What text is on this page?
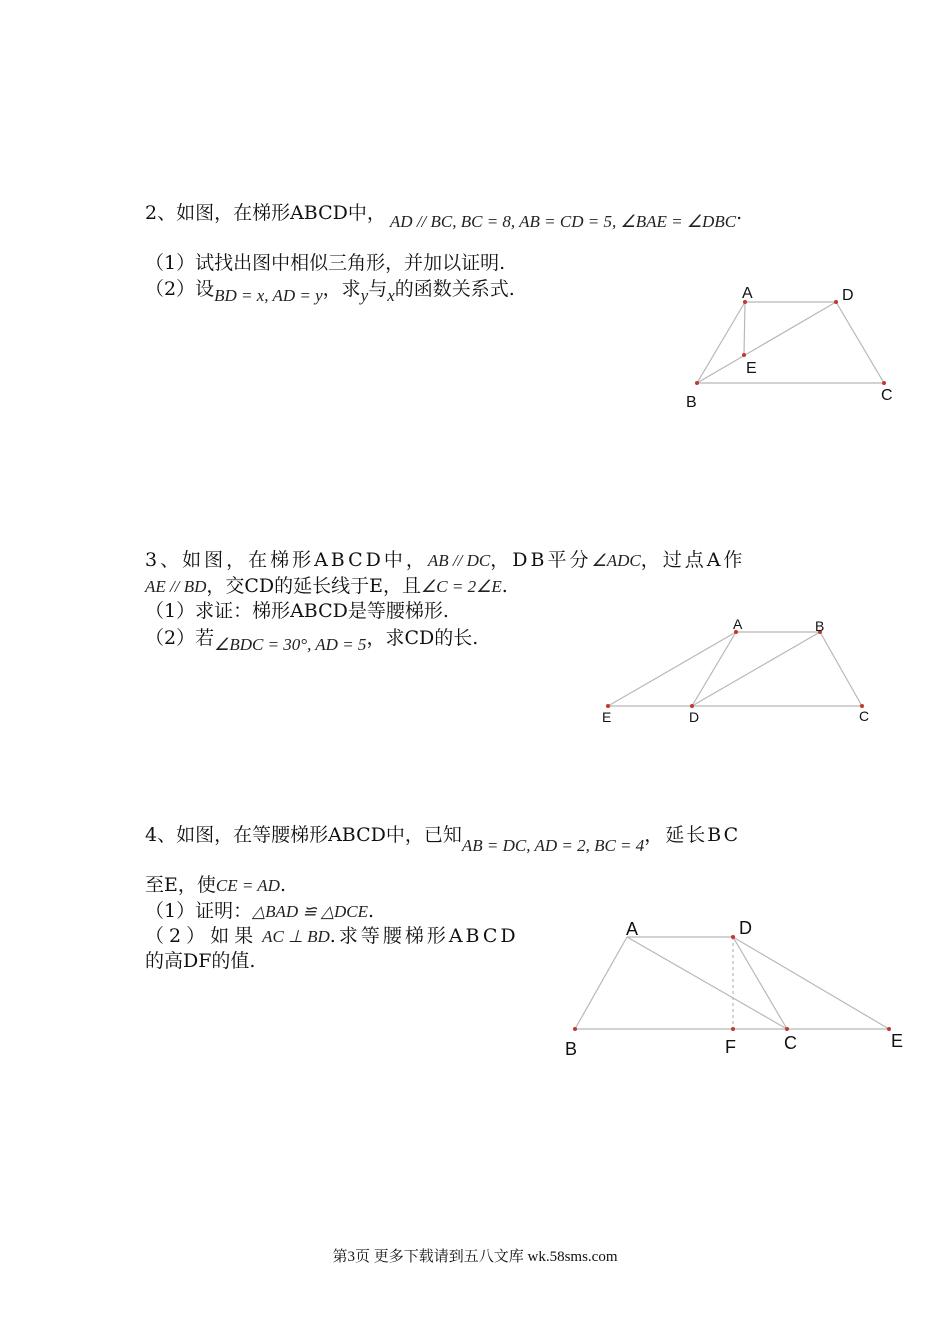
2、如图，在梯形ABCD中， AD // BC, BC = 8, AB = CD = 5, ∠BAE = ∠DBC.
（1）试找出图中相似三角形，并加以证明.
（2）设BD = x, AD = y，求y与x的函数关系式.	A	D
E
B	C
3、如图，在梯形ABCD中，AB // DC，DB平分∠ADC，过点A作
AE // BD，交CD的延长线于E，且∠C = 2∠E.
（1）求证：梯形ABCD是等腰梯形.
（2）若∠BDC = 30°, AD = 5，求CD的长.
A	B
E	D	C
4、如图，在等腰梯形ABCD中，已知AB = DC, AD = 2, BC = 4，延长BC
至E，使CE = AD.
（1）证明：△BAD ≌ △DCE.
（2）如果 AC ⊥ BD.求等腰梯形ABCD
的高DF的值.
A	D
B	F	C	E
第3页 更多下载请到五八文库 wk.58sms.com
